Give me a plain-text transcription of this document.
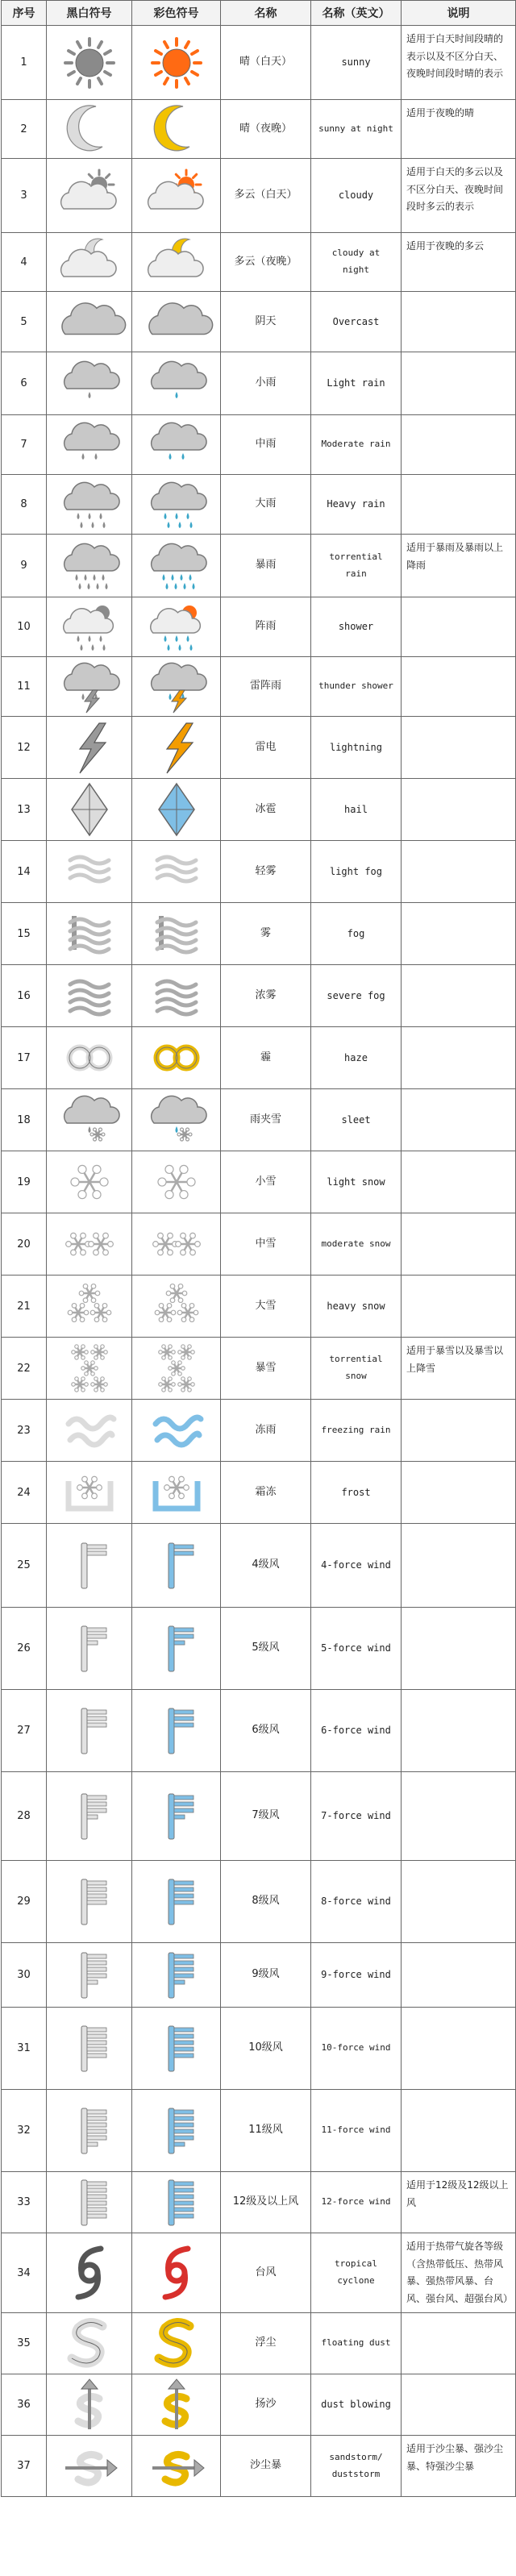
序号	黑白符号	彩色符号	名称	名称（英文）	说明
1			晴（白天）	sunny	适用于白天时间段晴的表示以及不区分白天、夜晚时间段时晴的表示
2			晴（夜晚）	sunny at night	适用于夜晚的晴
3			多云（白天）	cloudy	适用于白天的多云以及不区分白天、夜晚时间段时多云的表示
4			多云（夜晚）	cloudy at night	适用于夜晚的多云
5			阴天	Overcast	
6			小雨	Light rain	
7			中雨	Moderate rain	
8			大雨	Heavy rain	
9			暴雨	torrential rain	适用于暴雨及暴雨以上降雨
10			阵雨	shower	
11			雷阵雨	thunder shower	
12			雷电	lightning	
13			冰雹	hail	
14			轻雾	light fog	
15			雾	fog	
16			浓雾	severe fog	
17			霾	haze	
18			雨夹雪	sleet	
19			小雪	light snow	
20			中雪	moderate snow	
21			大雪	heavy snow	
22			暴雪	torrential snow	适用于暴雪以及暴雪以上降雪
23			冻雨	freezing rain	
24			霜冻	frost	
25			4级风	4-force wind	
26			5级风	5-force wind	
27			6级风	6-force wind	
28			7级风	7-force wind	
29			8级风	8-force wind	
30			9级风	9-force wind	
31			10级风	10-force wind	
32			11级风	11-force wind	
33			12级及以上风	12-force wind	适用于12级及12级以上风
34			台风	tropical cyclone	适用于热带气旋各等级（含热带低压、热带风暴、强热带风暴、台风、强台风、超强台风）
35			浮尘	floating dust	
36			扬沙	dust blowing	
37			沙尘暴	sandstorm/ duststorm	适用于沙尘暴、强沙尘暴、特强沙尘暴
